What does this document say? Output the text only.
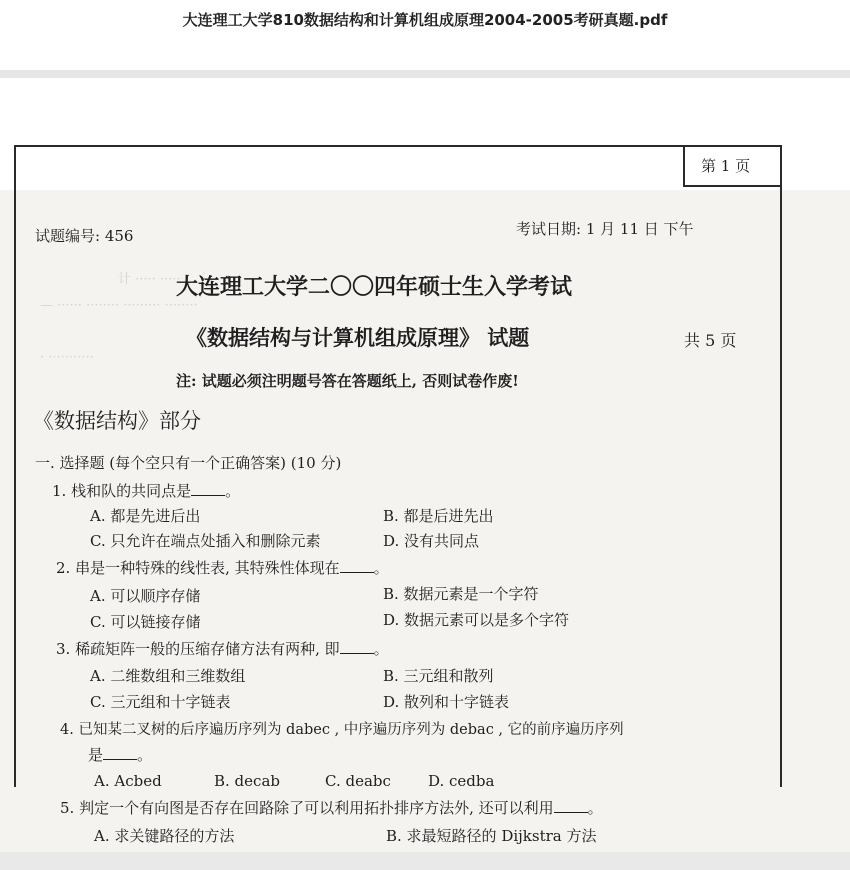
大连理工大学810数据结构和计算机组成原理2004-2005考研真题.pdf
计 ····· ·····
— ······ ········ ········· ········
· ···········
试题编号: 456	考试日期: 1 月 11 日 下午
第 1 页
大连理工大学二〇〇四年硕士生入学考试
《数据结构与计算机组成原理》 试题	共 5 页
注: 试题必须注明题号答在答题纸上, 否则试卷作废!
《数据结构》部分
一. 选择题 (每个空只有一个正确答案) (10 分)
1. 栈和队的共同点是 。
A. 都是先进后出	B. 都是后进先出
C. 只允许在端点处插入和删除元素	D. 没有共同点
2. 串是一种特殊的线性表, 其特殊性体现在 。
A. 可以顺序存储	B. 数据元素是一个字符
C. 可以链接存储	D. 数据元素可以是多个字符
3. 稀疏矩阵一般的压缩存储方法有两种, 即 。
A. 二维数组和三维数组	B. 三元组和散列
C. 三元组和十字链表	D. 散列和十字链表
4. 已知某二叉树的后序遍历序列为 dabec , 中序遍历序列为 debac , 它的前序遍历序列
是 。
A. Acbed	B. decab	C. deabc D. cedba
5. 判定一个有向图是否存在回路除了可以利用拓扑排序方法外, 还可以利用 。
A. 求关键路径的方法	B. 求最短路径的 Dijkstra 方法
